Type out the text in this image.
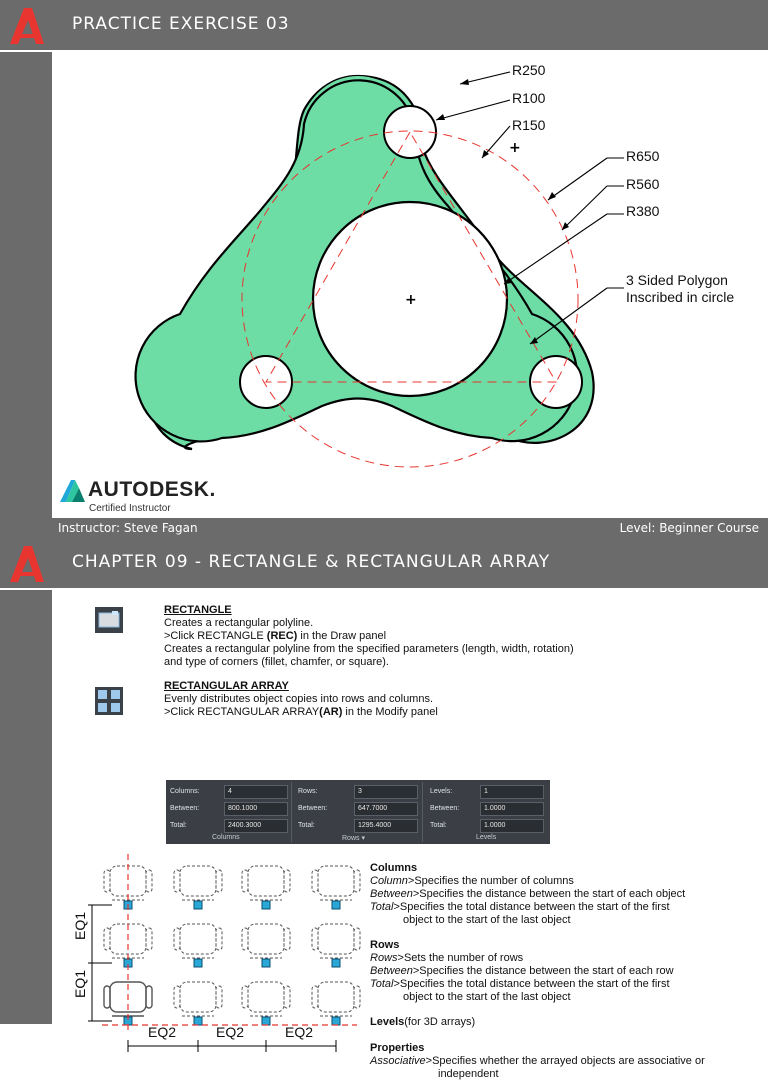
PRACTICE EXERCISE 03
+
+
R250
R100
R150
R650
R560
R380
3 Sided Polygon
Inscribed in circle
AUTODESK.
Certified Instructor
Instructor: Steve Fagan	Level: Beginner Course
CHAPTER 09 - RECTANGLE & RECTANGULAR ARRAY
RECTANGLE
Creates a rectangular polyline.
>Click RECTANGLE (REC) in the Draw panel
Creates a rectangular polyline from the specified parameters (length, width, rotation)
and type of corners (fillet, chamfer, or square).
RECTANGULAR ARRAY
Evenly distributes object copies into rows and columns.
>Click RECTANGULAR ARRAY(AR) in the Modify panel
Columns:	4
Between:	800.1000
Total:	2400.3000
Columns
Rows:	3
Between:	647.7000
Total:	1295.4000
Rows ▾
Levels:	1
Between:	1.0000
Total:	1.0000
Levels
EQ1
EQ1
EQ2	EQ2	EQ2
Columns
Column>Specifies the number of columns
Between>Specifies the distance between the start of each object
Total>Specifies the total distance between the start of the first
object to the start of the last object
Rows
Rows>Sets the number of rows
Between>Specifies the distance between the start of each row
Total>Specifies the total distance between the start of the first
object to the start of the last object
Levels(for 3D arrays)
Properties
Associative>Specifies whether the arrayed objects are associative or
independent
